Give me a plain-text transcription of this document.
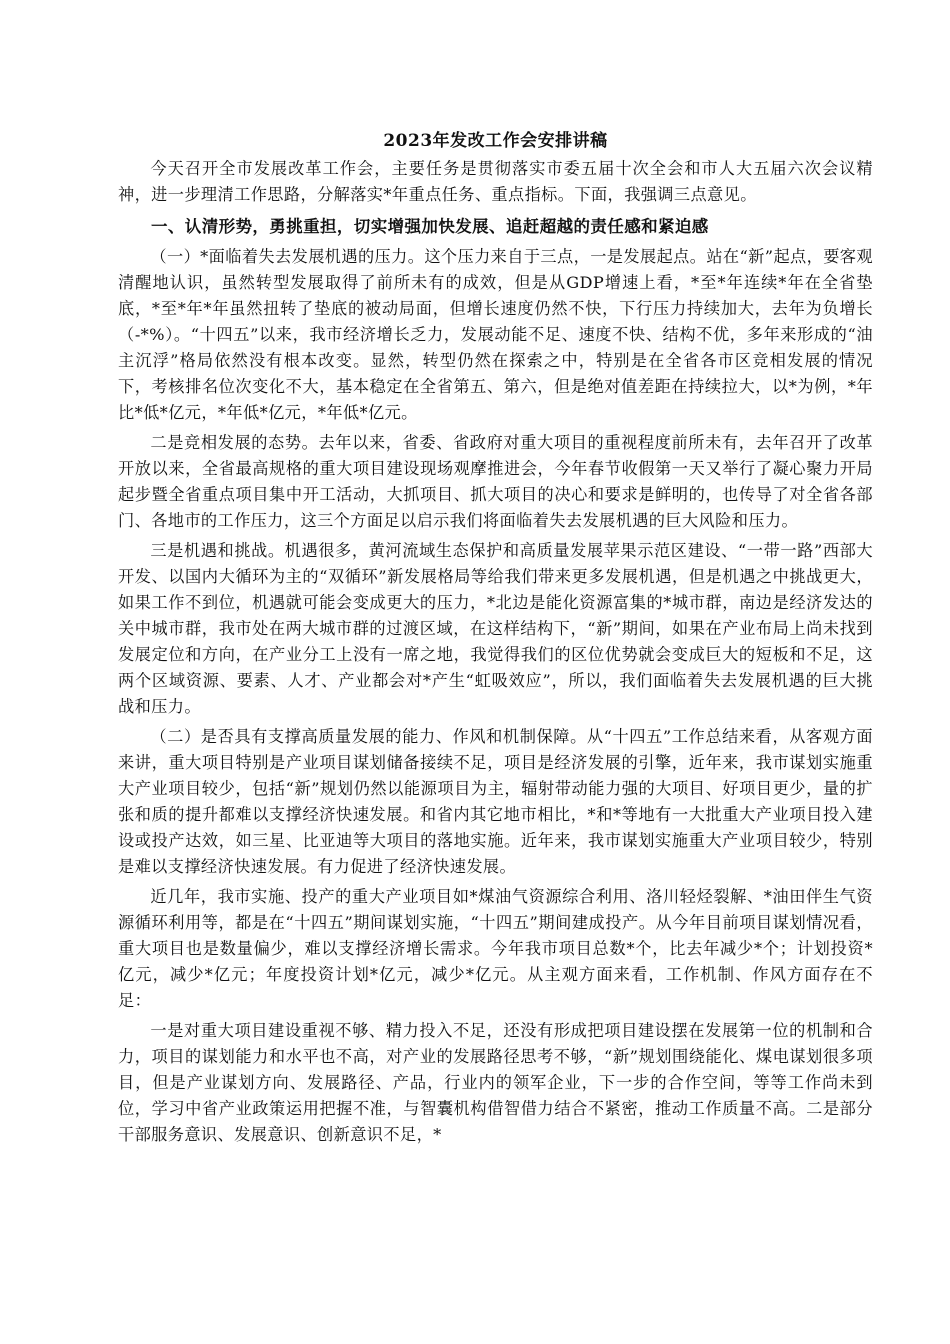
2023年发改工作会安排讲稿

今天召开全市发展改革工作会，主要任务是贯彻落实市委五届十次全会和市人大五届六次会议精神，进一步理清工作思路，分解落实*年重点任务、重点指标。下面，我强调三点意见。

一、认清形势，勇挑重担，切实增强加快发展、追赶超越的责任感和紧迫感

（一）*面临着失去发展机遇的压力。这个压力来自于三点，一是发展起点。站在“新”起点，要客观清醒地认识，虽然转型发展取得了前所未有的成效，但是从GDP增速上看，*至*年连续*年在全省垫底，*至*年*年虽然扭转了垫底的被动局面，但增长速度仍然不快，下行压力持续加大，去年为负增长（-*%）。“十四五”以来，我市经济增长乏力，发展动能不足、速度不快、结构不优，多年来形成的“油主沉浮”格局依然没有根本改变。显然，转型仍然在探索之中，特别是在全省各市区竞相发展的情况下，考核排名位次变化不大，基本稳定在全省第五、第六，但是绝对值差距在持续拉大，以*为例，*年比*低*亿元，*年低*亿元，*年低*亿元。

二是竞相发展的态势。去年以来，省委、省政府对重大项目的重视程度前所未有，去年召开了改革开放以来，全省最高规格的重大项目建设现场观摩推进会，今年春节收假第一天又举行了凝心聚力开局起步暨全省重点项目集中开工活动，大抓项目、抓大项目的决心和要求是鲜明的，也传导了对全省各部门、各地市的工作压力，这三个方面足以启示我们将面临着失去发展机遇的巨大风险和压力。

三是机遇和挑战。机遇很多，黄河流域生态保护和高质量发展苹果示范区建设、“一带一路”西部大开发、以国内大循环为主的“双循环”新发展格局等给我们带来更多发展机遇，但是机遇之中挑战更大，如果工作不到位，机遇就可能会变成更大的压力，*北边是能化资源富集的*城市群，南边是经济发达的关中城市群，我市处在两大城市群的过渡区域，在这样结构下，“新”期间，如果在产业布局上尚未找到发展定位和方向，在产业分工上没有一席之地，我觉得我们的区位优势就会变成巨大的短板和不足，这两个区域资源、要素、人才、产业都会对*产生“虹吸效应”，所以，我们面临着失去发展机遇的巨大挑战和压力。

（二）是否具有支撑高质量发展的能力、作风和机制保障。从“十四五”工作总结来看，从客观方面来讲，重大项目特别是产业项目谋划储备接续不足，项目是经济发展的引擎，近年来，我市谋划实施重大产业项目较少，包括“新”规划仍然以能源项目为主，辐射带动能力强的大项目、好项目更少，量的扩张和质的提升都难以支撑经济快速发展。和省内其它地市相比，*和*等地有一大批重大产业项目投入建设或投产达效，如三星、比亚迪等大项目的落地实施。近年来，我市谋划实施重大产业项目较少，特别是难以支撑经济快速发展。有力促进了经济快速发展。

近几年，我市实施、投产的重大产业项目如*煤油气资源综合利用、洛川轻烃裂解、*油田伴生气资源循环利用等，都是在“十四五”期间谋划实施，“十四五”期间建成投产。从今年目前项目谋划情况看，重大项目也是数量偏少，难以支撑经济增长需求。今年我市项目总数*个，比去年减少*个；计划投资*亿元，减少*亿元；年度投资计划*亿元，减少*亿元。从主观方面来看，工作机制、作风方面存在不足：

一是对重大项目建设重视不够、精力投入不足，还没有形成把项目建设摆在发展第一位的机制和合力，项目的谋划能力和水平也不高，对产业的发展路径思考不够，“新”规划围绕能化、煤电谋划很多项目，但是产业谋划方向、发展路径、产品，行业内的领军企业，下一步的合作空间，等等工作尚未到位，学习中省产业政策运用把握不准，与智囊机构借智借力结合不紧密，推动工作质量不高。二是部分干部服务意识、发展意识、创新意识不足，*
